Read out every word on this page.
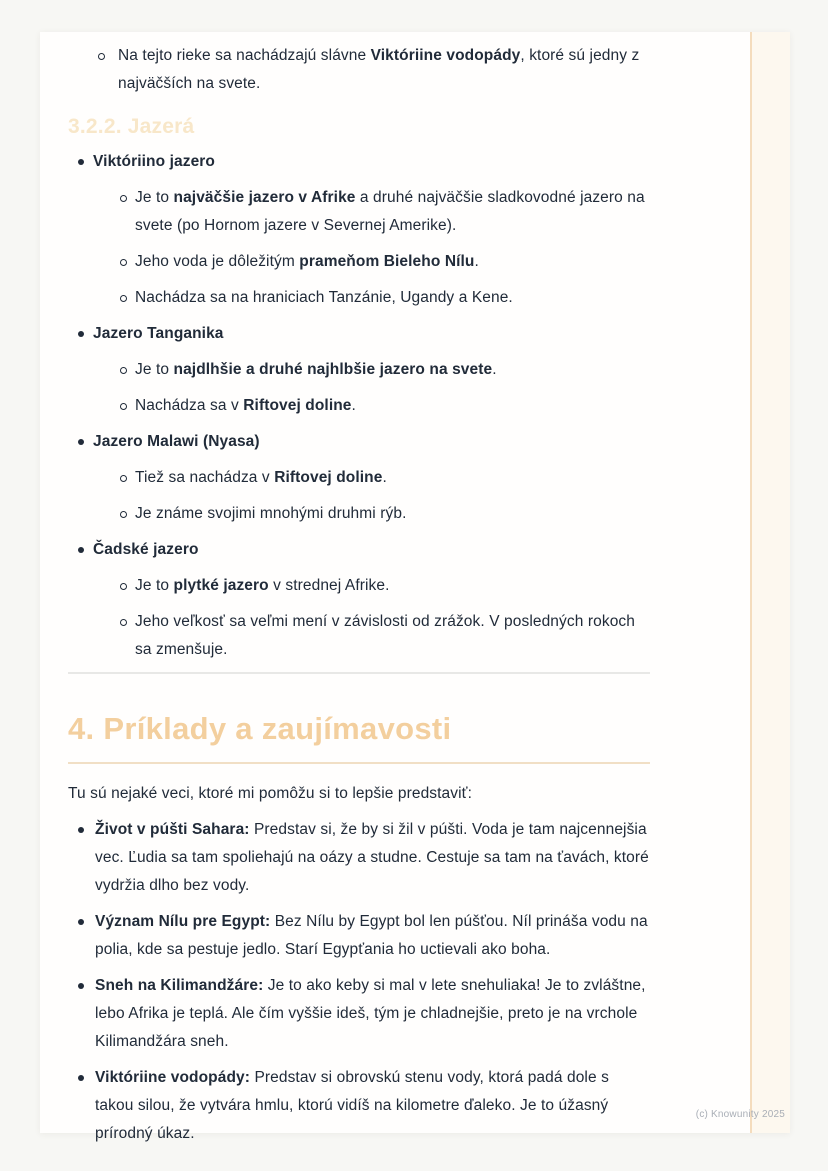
Na tejto rieke sa nachádzajú slávne Viktóriine vodopády, ktoré sú jedny z najväčších na svete.
3.2.2. Jazerá
Viktóriino jazero
Je to najväčšie jazero v Afrike a druhé najväčšie sladkovodné jazero na svete (po Hornom jazere v Severnej Amerike).
Jeho voda je dôležitým prameňom Bieleho Nílu.
Nachádza sa na hraniciach Tanzánie, Ugandy a Kene.
Jazero Tanganika
Je to najdlhšie a druhé najhlbšie jazero na svete.
Nachádza sa v Riftovej doline.
Jazero Malawi (Nyasa)
Tiež sa nachádza v Riftovej doline.
Je známe svojimi mnohými druhmi rýb.
Čadské jazero
Je to plytké jazero v strednej Afrike.
Jeho veľkosť sa veľmi mení v závislosti od zrážok. V posledných rokoch sa zmenšuje.
4. Príklady a zaujímavosti

Tu sú nejaké veci, ktoré mi pomôžu si to lepšie predstaviť:

Život v púšti Sahara: Predstav si, že by si žil v púšti. Voda je tam najcennejšia vec. Ľudia sa tam spoliehajú na oázy a studne. Cestuje sa tam na ťavách, ktoré vydržia dlho bez vody.
Význam Nílu pre Egypt: Bez Nílu by Egypt bol len púšťou. Níl prináša vodu na polia, kde sa pestuje jedlo. Starí Egypťania ho uctievali ako boha.
Sneh na Kilimandžáre: Je to ako keby si mal v lete snehuliaka! Je to zvláštne, lebo Afrika je teplá. Ale čím vyššie ideš, tým je chladnejšie, preto je na vrchole Kilimandžára sneh.
Viktóriine vodopády: Predstav si obrovskú stenu vody, ktorá padá dole s takou silou, že vytvára hmlu, ktorú vidíš na kilometre ďaleko. Je to úžasný prírodný úkaz.
(c) Knowunity 2025
